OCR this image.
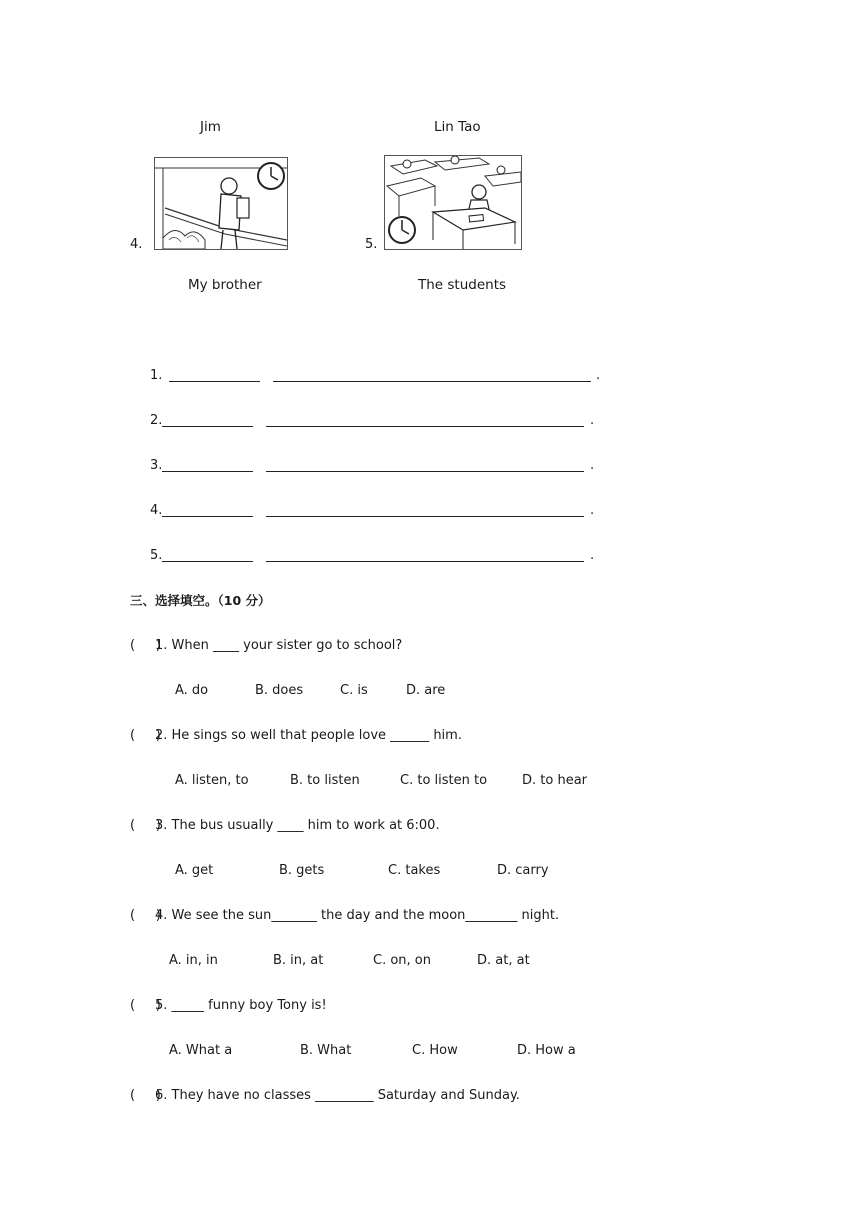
Jim	Lin Tao
4.
My brother
5.
The students
1.	.
2.	.
3.	.
4.	.
5.	.
三、选择填空。（10 分）
(     )
1. When ____ your sister go to school?
A. do	B. does	C. is	D. are
(     )
2. He sings so well that people love ______ him.
A. listen, to	B. to listen	C. to listen to	D. to hear
(     )
3. The bus usually ____ him to work at 6:00.
A. get	B. gets	C. takes	D. carry
(     )
4. We see the sun_______ the day and the moon________ night.
A. in, in	B. in, at	C. on, on	D. at, at
(     )
5. _____ funny boy Tony is!
A. What a	B. What	C. How	D. How a
(     )
6. They have no classes _________ Saturday and Sunday.
